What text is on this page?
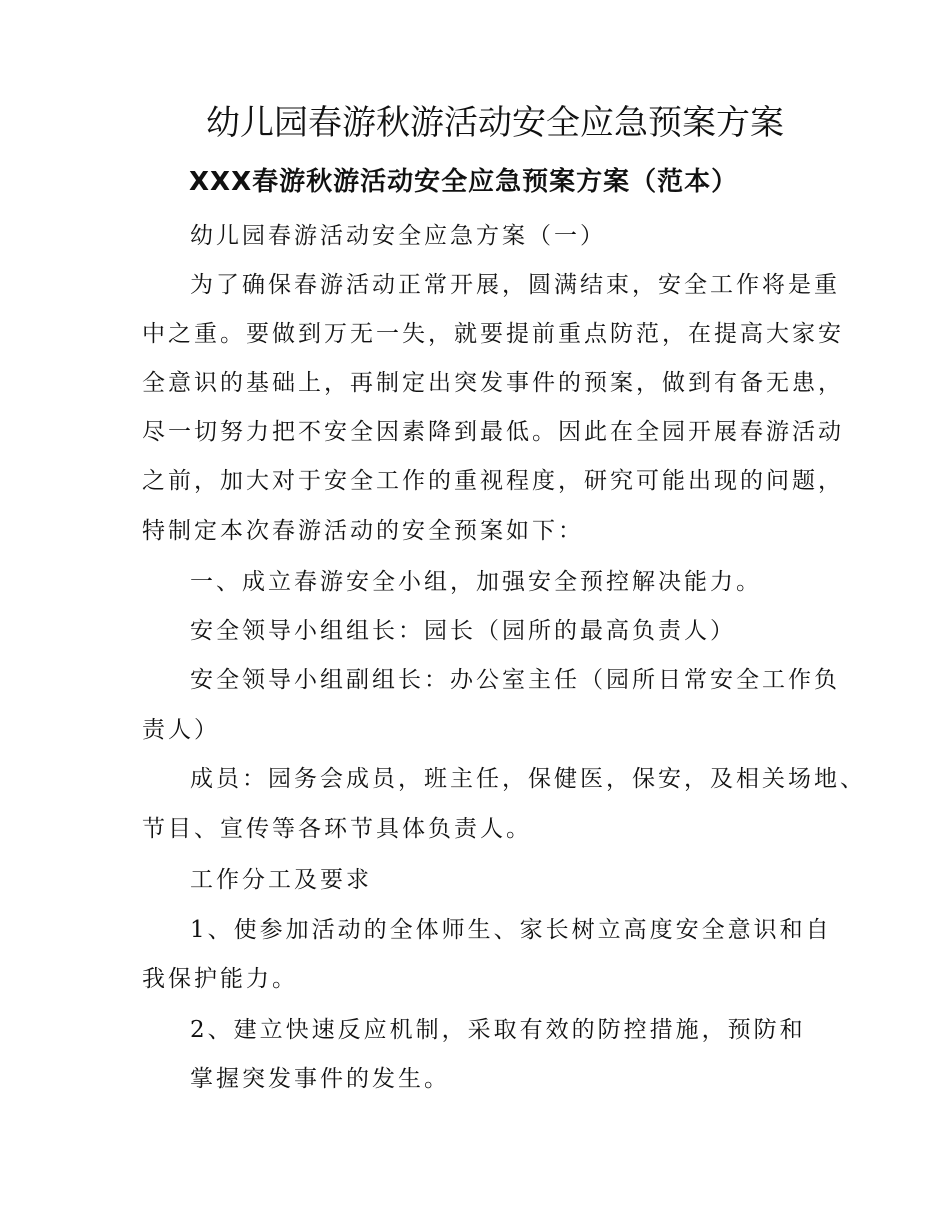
幼儿园春游秋游活动安全应急预案方案
XXX春游秋游活动安全应急预案方案（范本）
幼儿园春游活动安全应急方案（一）
为了确保春游活动正常开展，圆满结束，安全工作将是重
中之重。要做到万无一失，就要提前重点防范，在提高大家安
全意识的基础上，再制定出突发事件的预案，做到有备无患，
尽一切努力把不安全因素降到最低。因此在全园开展春游活动
之前，加大对于安全工作的重视程度，研究可能出现的问题，
特制定本次春游活动的安全预案如下：
一、成立春游安全小组，加强安全预控解决能力。
安全领导小组组长：园长（园所的最高负责人）
安全领导小组副组长：办公室主任（园所日常安全工作负
责人）
成员：园务会成员，班主任，保健医，保安，及相关场地、
节目、宣传等各环节具体负责人。
工作分工及要求
1、使参加活动的全体师生、家长树立高度安全意识和自
我保护能力。
2、建立快速反应机制，采取有效的防控措施，预防和
掌握突发事件的发生。
